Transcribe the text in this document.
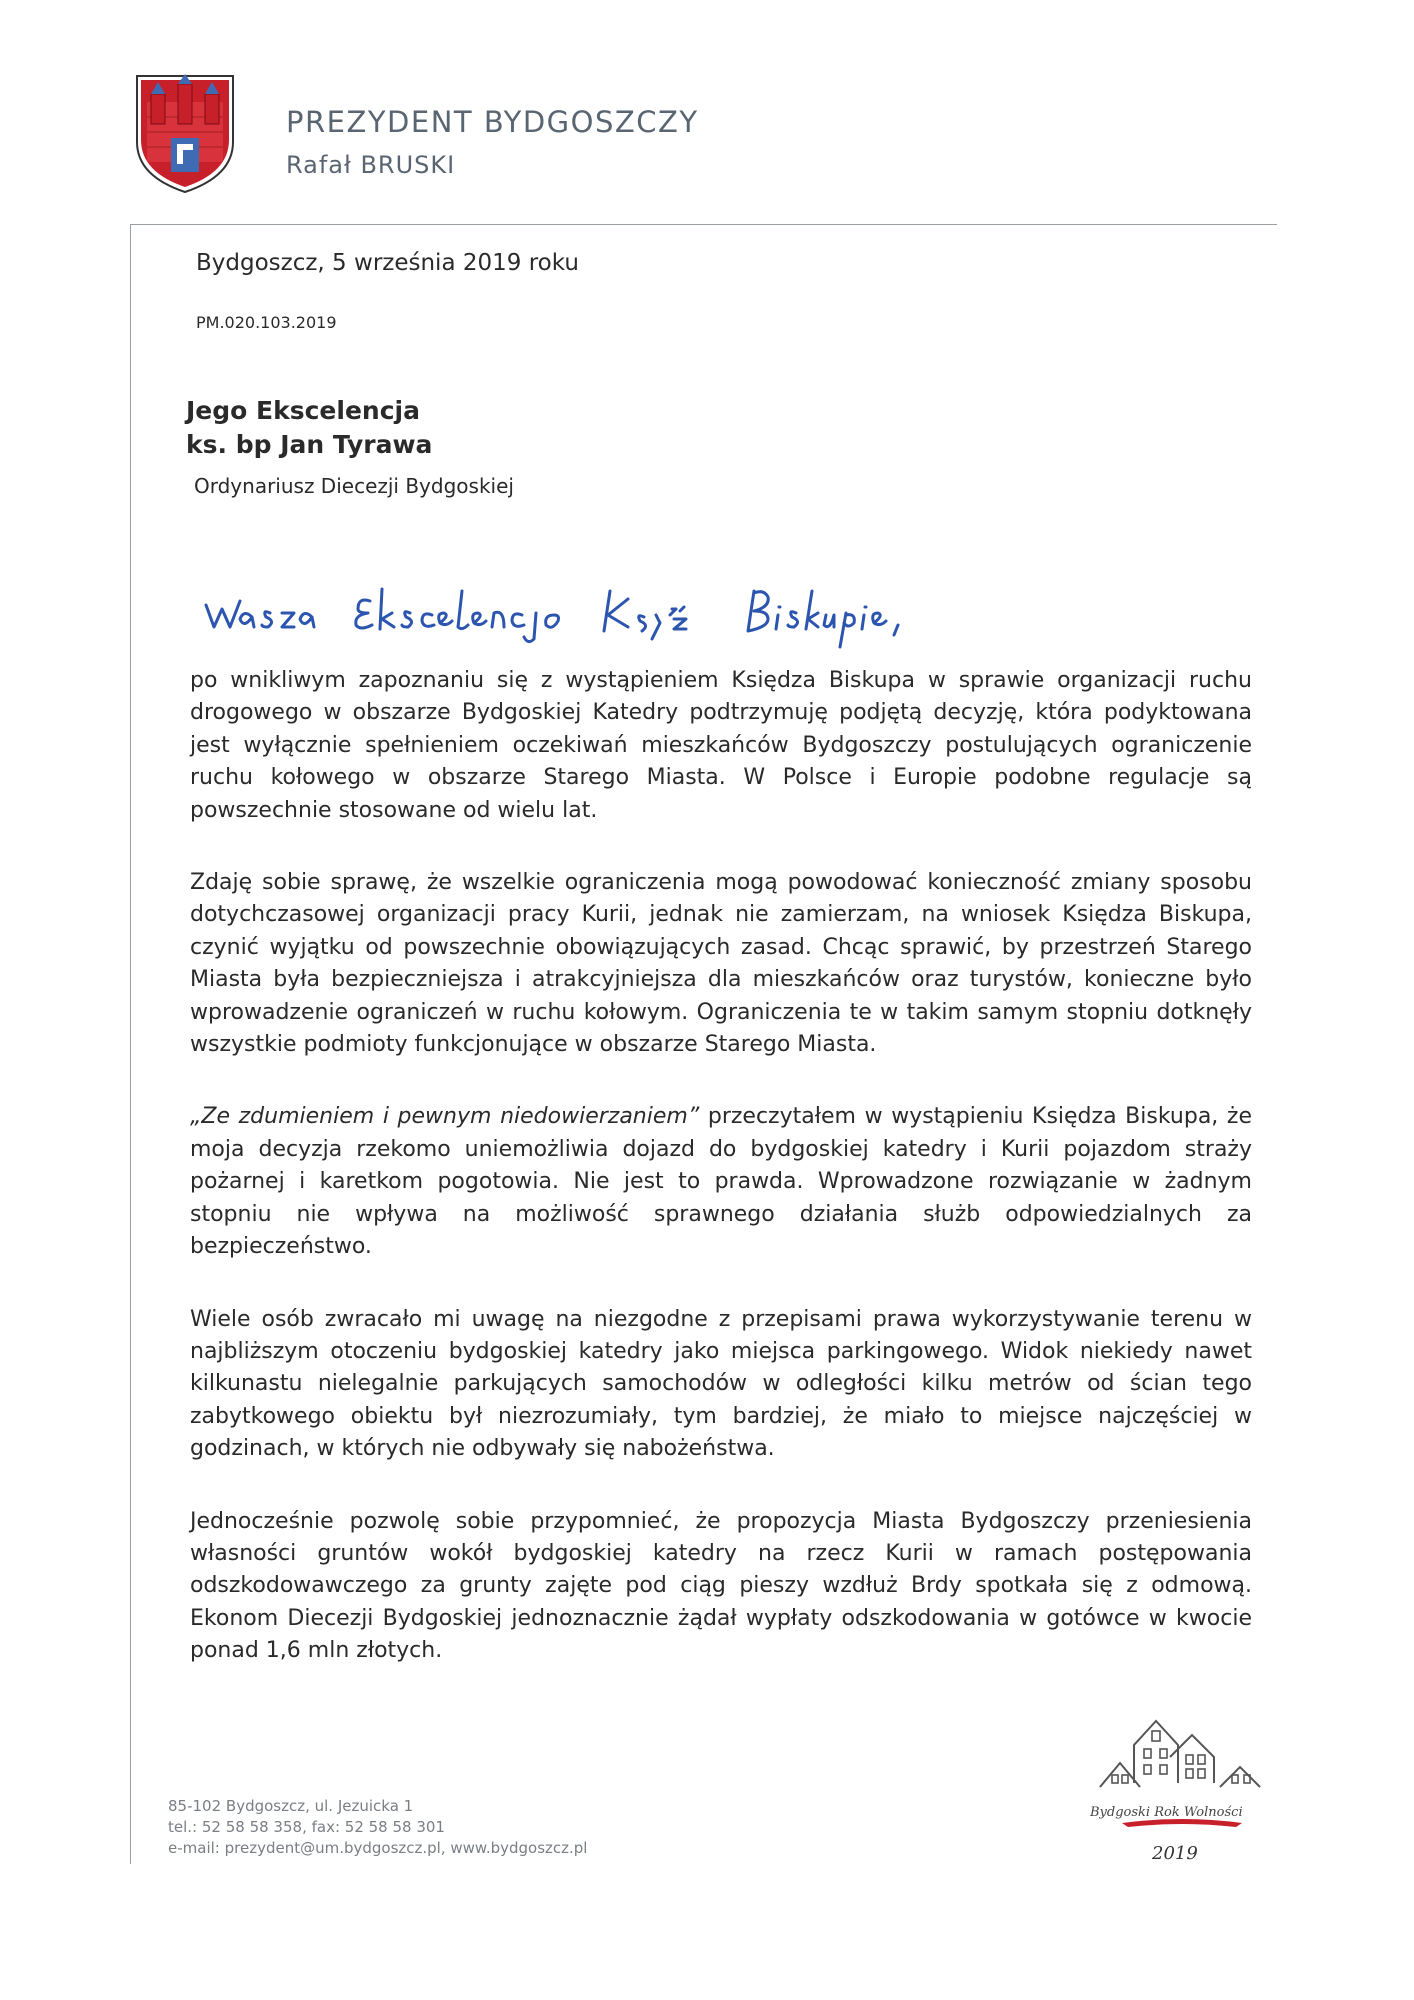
PREZYDENT BYDGOSZCZY
Rafał BRUSKI
Bydgoszcz, 5 września 2019 roku
PM.020.103.2019
Jego Ekscelencja
ks. bp Jan Tyrawa
Ordynariusz Diecezji Bydgoskiej

po wnikliwym zapoznaniu się z wystąpieniem Księdza Biskupa w sprawie organizacji ruchu drogowego w obszarze Bydgoskiej Katedry podtrzymuję podjętą decyzję, która podyktowana jest wyłącznie spełnieniem oczekiwań mieszkańców Bydgoszczy postulujących ograniczenie ruchu kołowego w obszarze Starego Miasta. W Polsce i Europie podobne regulacje są powszechnie stosowane od wielu lat.

Zdaję sobie sprawę, że wszelkie ograniczenia mogą powodować konieczność zmiany sposobu dotychczasowej organizacji pracy Kurii, jednak nie zamierzam, na wniosek Księdza Biskupa, czynić wyjątku od powszechnie obowiązujących zasad. Chcąc sprawić, by przestrzeń Starego Miasta była bezpieczniejsza i atrakcyjniejsza dla mieszkańców oraz turystów, konieczne było wprowadzenie ograniczeń w ruchu kołowym. Ograniczenia te w takim samym stopniu dotknęły wszystkie podmioty funkcjonujące w obszarze Starego Miasta.

„Ze zdumieniem i pewnym niedowierzaniem” przeczytałem w wystąpieniu Księdza Biskupa, że moja decyzja rzekomo uniemożliwia dojazd do bydgoskiej katedry i Kurii pojazdom straży pożarnej i karetkom pogotowia. Nie jest to prawda. Wprowadzone rozwiązanie w żadnym stopniu nie wpływa na możliwość sprawnego działania służb odpowiedzialnych za bezpieczeństwo.

Wiele osób zwracało mi uwagę na niezgodne z przepisami prawa wykorzystywanie terenu w najbliższym otoczeniu bydgoskiej katedry jako miejsca parkingowego. Widok niekiedy nawet kilkunastu nielegalnie parkujących samochodów w odległości kilku metrów od ścian tego zabytkowego obiektu był niezrozumiały, tym bardziej, że miało to miejsce najczęściej w godzinach, w których nie odbywały się nabożeństwa.

Jednocześnie pozwolę sobie przypomnieć, że propozycja Miasta Bydgoszczy przeniesienia własności gruntów wokół bydgoskiej katedry na rzecz Kurii w ramach postępowania odszkodowawczego za grunty zajęte pod ciąg pieszy wzdłuż Brdy spotkała się z odmową. Ekonom Diecezji Bydgoskiej jednoznacznie żądał wypłaty odszkodowania w gotówce w kwocie ponad 1,6 mln złotych.

85-102 Bydgoszcz, ul. Jezuicka 1
tel.: 52 58 58 358, fax: 52 58 58 301
e-mail: prezydent@um.bydgoszcz.pl, www.bydgoszcz.pl
Bydgoski Rok Wolności
2019
